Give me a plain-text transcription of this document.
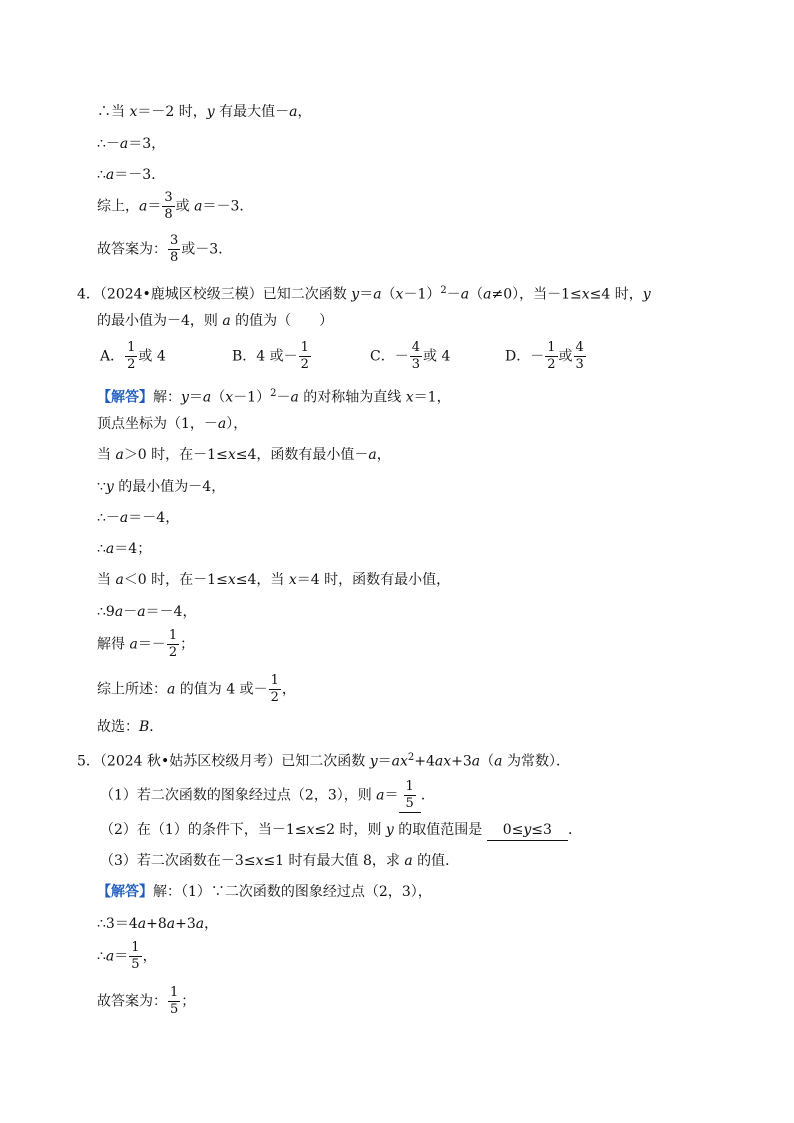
∴当 x＝－2 时，y 有最大值－a，
∴－a＝3，
∴a＝－3．
综上，$a= \frac{3}{8}$ 或 a＝－3．
故答案为： $\frac{3}{8}$ 或－3．
4．（2024•鹿城区校级三模）已知二次函数 $y=a(x-1)^2-a(a\ne 0)$，当－1≤x≤4 时，y
的最小值为－4，则 a 的值为（　　）
A． $\frac{1}{2}$ 或 4	B．4 或－ $\frac{1}{2}$	C．－ $\frac{4}{3}$ 或 4	D．－ $\frac{1}{2}$ 或 $\frac{4}{3}$
【解答】解：$y=a(x-1)^2-a$ 的对称轴为直线 x＝1，
顶点坐标为（1，－a），
当 a＞0 时，在－1≤x≤4，函数有最小值－a，
∵y 的最小值为－4，
∴－a＝－4，
∴a＝4；
当 a＜0 时，在－1≤x≤4，当 x＝4 时，函数有最小值，
∴9a－a＝－4，
解得 $a=- \frac{1}{2}$ ；
综上所述：a 的值为 4 或－ $\frac{1}{2}$ ，
故选：B．
5．（2024 秋•姑苏区校级月考）已知二次函数 $y=ax^2+4ax+3a(a$ 为常数）．
（1）若二次函数的图象经过点（2，3），则 $a= \frac{1}{5}$ ．
（2）在（1）的条件下，当－1≤x≤2 时，则 y 的取值范围是 0≤y≤3 ．
（3）若二次函数在－3≤x≤1 时有最大值 8，求 a 的值．
【解答】解：（1）∵二次函数的图象经过点（2，3），
∴3＝4a+8a+3a，
∴a＝ $\frac{1}{5}$ ，
故答案为： $\frac{1}{5}$ ；
